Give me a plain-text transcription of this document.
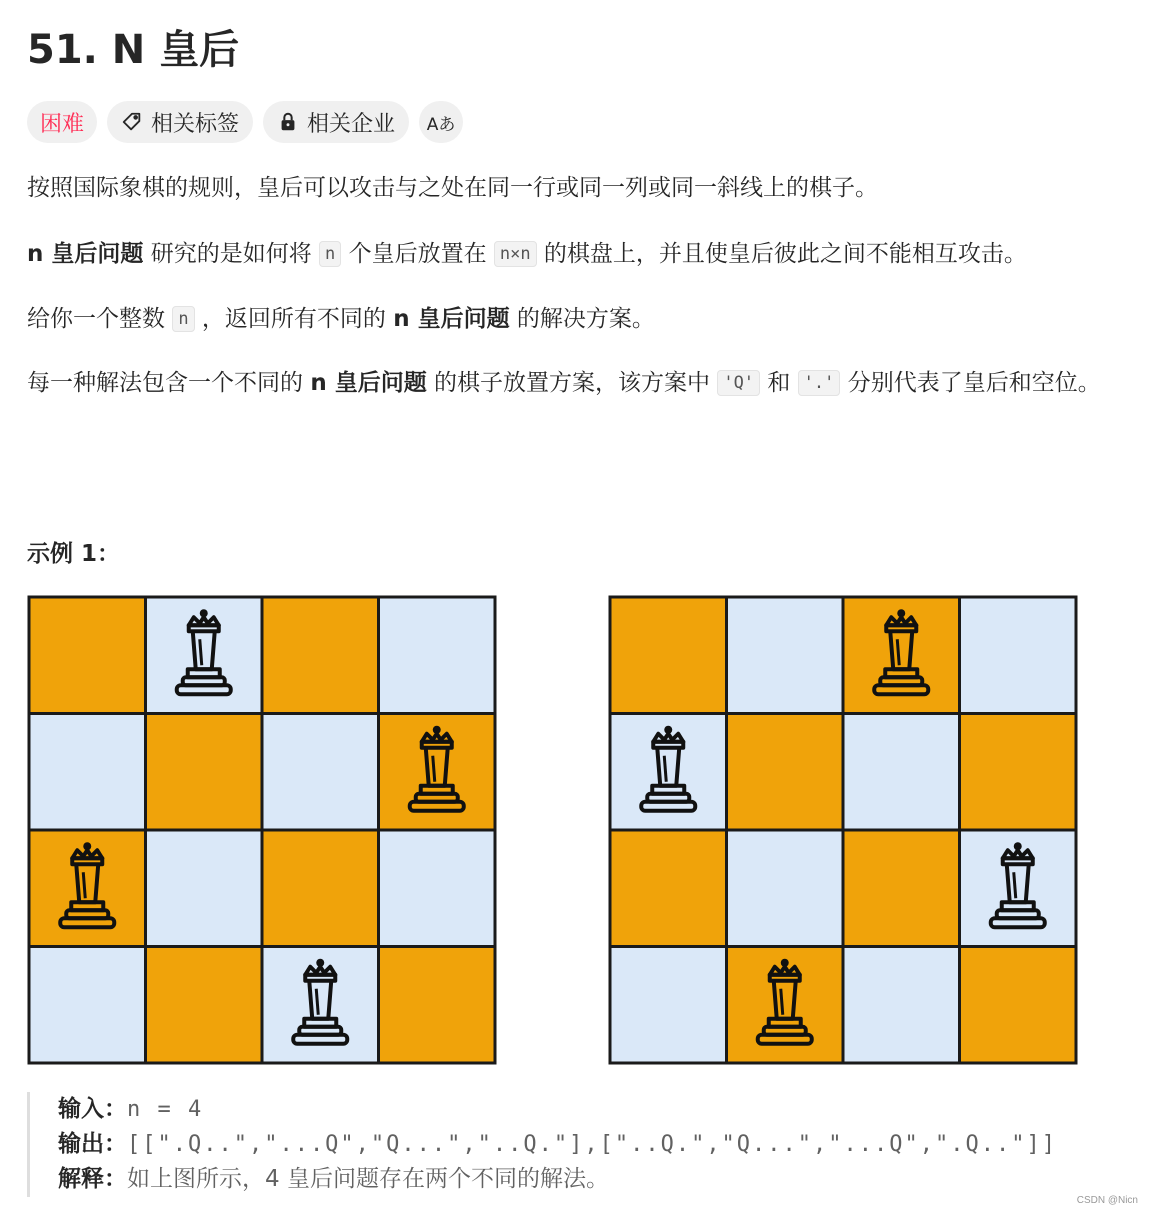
51. N 皇后
困难	相关标签	相关企业 Aあ

按照国际象棋的规则，皇后可以攻击与之处在同一行或同一列或同一斜线上的棋子。

n 皇后问题 研究的是如何将 n 个皇后放置在 n×n 的棋盘上，并且使皇后彼此之间不能相互攻击。

给你一个整数 n ，返回所有不同的 n 皇后问题 的解决方案。

每一种解法包含一个不同的 n 皇后问题 的棋子放置方案，该方案中 'Q' 和 '.' 分别代表了皇后和空位。

示例 1：
输入：n = 4
输出：[[".Q..","...Q","Q...","..Q."],["..Q.","Q...","...Q",".Q.."]]
解释：如上图所示，4 皇后问题存在两个不同的解法。
CSDN @Nicn
